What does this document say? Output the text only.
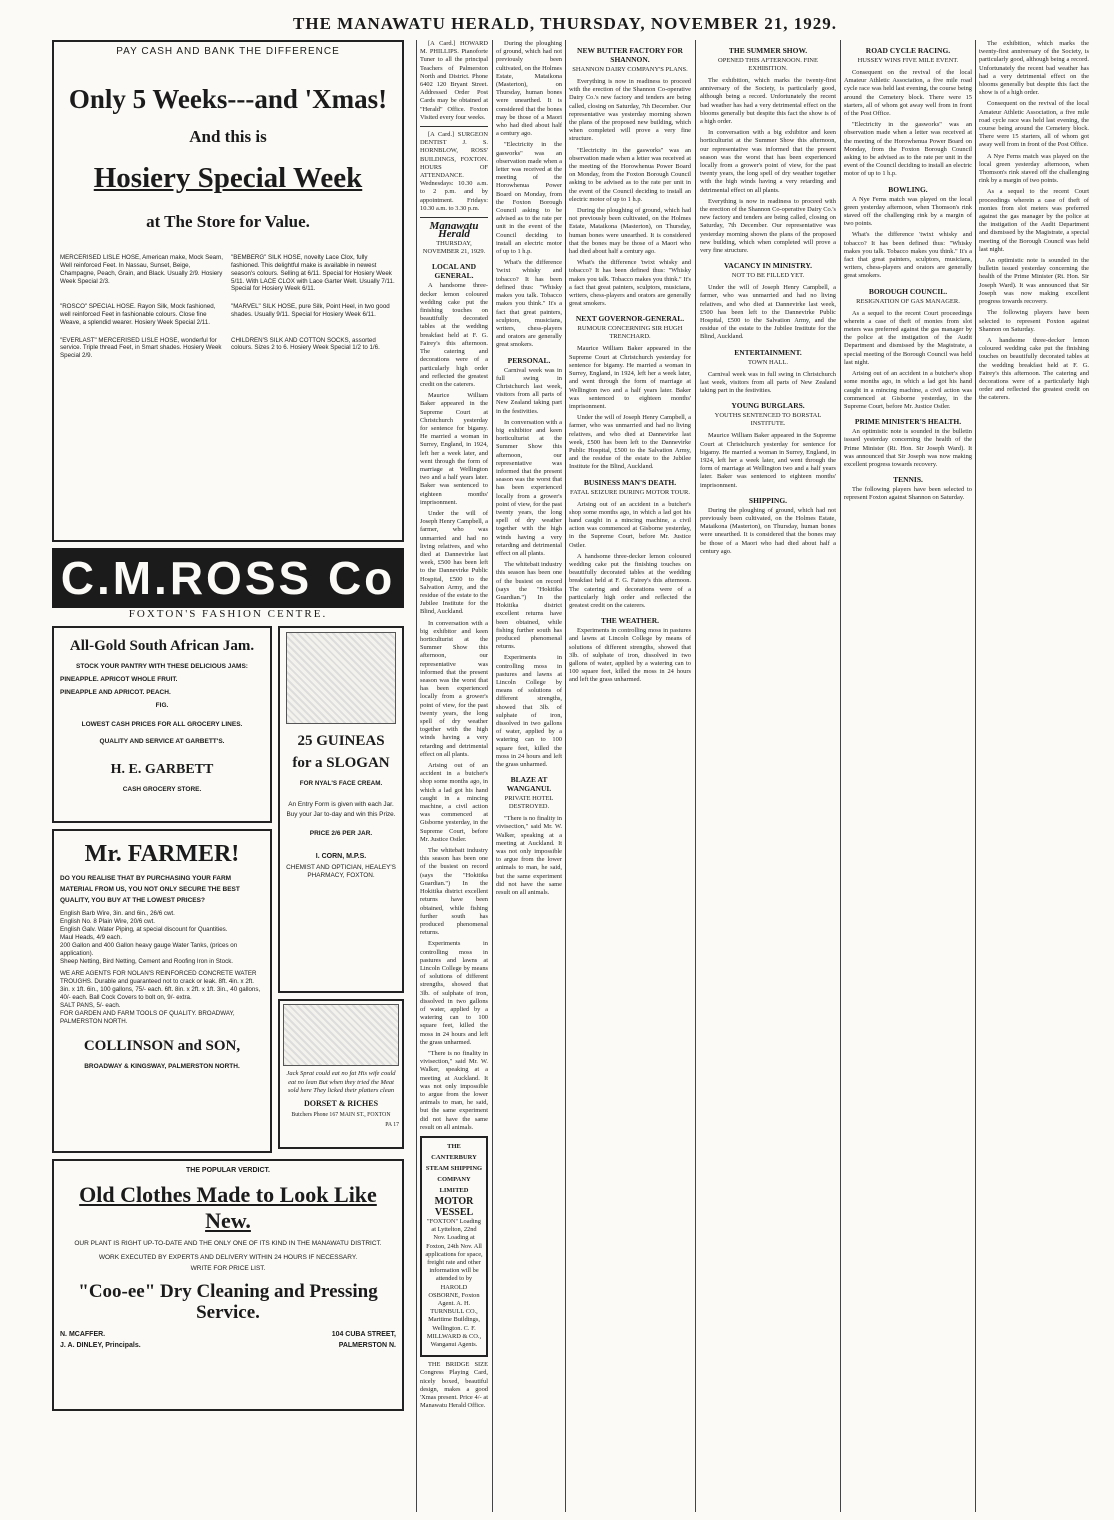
THE MANAWATU HERALD, THURSDAY, NOVEMBER 21, 1929.
PAY CASH AND BANK THE DIFFERENCE
Only 5 Weeks---and 'Xmas!
And this is
Hosiery Special Week
at The Store for Value.
MERCERISED LISLE HOSE, American make, Mock Seam, Well reinforced Feet. In Nassau, Sunset, Beige, Champagne, Peach, Grain, and Black. Usually 2/9. Hosiery Week Special 2/3.
"BEMBERG" SILK HOSE, novelty Lace Clox, fully fashioned. This delightful make is available in newest season's colours. Selling at 6/11. Special for Hosiery Week 5/11. With LACE CLOX with Lace Garter Welt. Usually 7/11. Special for Hosiery Week 6/11.
"ROSCO" SPECIAL HOSE. Rayon Silk, Mock fashioned, well reinforced Feet in fashionable colours. Close fine Weave, a splendid wearer. Hosiery Week Special 2/11.
"MARVEL" SILK HOSE, pure Silk, Point Heel, in two good shades. Usually 9/11. Special for Hosiery Week 6/11.
"EVERLAST" MERCERISED LISLE HOSE, wonderful for service. Triple thread Feet, in Smart shades. Hosiery Week Special 2/9.
CHILDREN'S SILK AND COTTON SOCKS, assorted colours. Sizes 2 to 6. Hosiery Week Special 1/2 to 1/6.
C.M.ROSS Co
FOXTON'S FASHION CENTRE.
All-Gold South African Jam.

STOCK YOUR PANTRY WITH THESE DELICIOUS JAMS:

PINEAPPLE. APRICOT WHOLE FRUIT.

PINEAPPLE AND APRICOT. PEACH.

FIG.

LOWEST CASH PRICES FOR ALL GROCERY LINES.

QUALITY AND SERVICE AT GARBETT'S.

H. E. GARBETT

CASH GROCERY STORE.

Mr. FARMER!
DO YOU REALISE THAT BY PURCHASING YOUR FARM MATERIAL FROM US, YOU NOT ONLY SECURE THE BEST QUALITY, YOU BUY AT THE LOWEST PRICES?
English Barb Wire, 3in. and 6in., 26/6 cwt.
English No. 8 Plain Wire, 20/6 cwt.
English Galv. Water Piping, at special discount for Quantities.
Maul Heads, 4/9 each.
200 Gallon and 400 Gallon heavy gauge Water Tanks, (prices on application).
Sheep Netting, Bird Netting, Cement and Roofing Iron in Stock.
WE ARE AGENTS FOR NOLAN'S REINFORCED CONCRETE WATER TROUGHS. Durable and guaranteed not to crack or leak. 8ft. 4in. x 2ft. 3in. x 1ft. 6in., 100 gallons, 75/- each. 6ft. 8in. x 2ft. x 1ft. 3in., 40 gallons, 40/- each. Ball Cock Covers to bolt on, 9/- extra.
SALT PANS, 5/- each.
FOR GARDEN AND FARM TOOLS OF QUALITY. BROADWAY, PALMERSTON NORTH.
COLLINSON and SON,
BROADWAY & KINGSWAY, PALMERSTON NORTH.
25 GUINEAS for a SLOGAN

FOR NYAL'S FACE CREAM.

An Entry Form is given with each Jar.

Buy your Jar to-day and win this Prize.

PRICE 2/6 PER JAR.

I. CORN, M.P.S.

CHEMIST AND OPTICIAN, HEALEY'S PHARMACY, FOXTON.

Jack Sprat could eat no fat His wife could eat no lean But when they tried the Meat sold here They licked their platters clean

DORSET & RICHES

Butchers Phone 167 MAIN ST., FOXTON

PA 17

THE POPULAR VERDICT.
Old Clothes Made to Look Like New.

OUR PLANT IS RIGHT UP-TO-DATE AND THE ONLY ONE OF ITS KIND IN THE MANAWATU DISTRICT.

WORK EXECUTED BY EXPERTS AND DELIVERY WITHIN 24 HOURS IF NECESSARY.

WRITE FOR PRICE LIST.

"Coo-ee" Dry Cleaning and Pressing Service.
N. MCAFFER.	104 CUBA STREET,
J. A. DINLEY, Principals.	PALMERSTON N.

[A Card.] HOWARD M. PHILLIPS. Pianoforte Tuner to all the principal Teachers of Palmerston North and District. Phone 6402 120 Bryant Street. Addressed Order Post Cards may be obtained at "Herald" Office. Foxton Visited every four weeks.

[A Card.] SURGEON DENTIST J. S. HORNBLOW, ROSS' BUILDINGS, FOXTON. HOURS OF ATTENDANCE. Wednesdays: 10.30 a.m. to 2 p.m. and by appointment. Fridays: 10.30 a.m. to 3.30 p.m.

Manawatu Herald
THURSDAY, NOVEMBER 21, 1929.
LOCAL AND GENERAL.

A handsome three-decker lemon coloured wedding cake put the finishing touches on beautifully decorated tables at the wedding breakfast held at F. G. Fairey's this afternoon. The catering and decorations were of a particularly high order and reflected the greatest credit on the caterers.

Maurice William Baker appeared in the Supreme Court at Christchurch yesterday for sentence for bigamy. He married a woman in Surrey, England, in 1924, left her a week later, and went through the form of marriage at Wellington two and a half years later. Baker was sentenced to eighteen months' imprisonment.

Under the will of Joseph Henry Campbell, a farmer, who was unmarried and had no living relatives, and who died at Dannevirke last week, £500 has been left to the Dannevirke Public Hospital, £500 to the Salvation Army, and the residue of the estate to the Jubilee Institute for the Blind, Auckland.

In conversation with a big exhibitor and keen horticulturist at the Summer Show this afternoon, our representative was informed that the present season was the worst that has been experienced locally from a grower's point of view, for the past twenty years, the long spell of dry weather together with the high winds having a very retarding and detrimental effect on all plants.

Arising out of an accident in a butcher's shop some months ago, in which a lad got his hand caught in a mincing machine, a civil action was commenced at Gisborne yesterday, in the Supreme Court, before Mr. Justice Ostler.

The whitebait industry this season has been one of the busiest on record (says the "Hokitika Guardian.") In the Hokitika district excellent returns have been obtained, while fishing further south has produced phenomenal returns.

Experiments in controlling moss in pastures and lawns at Lincoln College by means of solutions of different strengths, showed that 3lb. of sulphate of iron, dissolved in two gallons of water, applied by a watering can to 100 square feet, killed the moss in 24 hours and left the grass unharmed.

"There is no finality in vivisection," said Mr. W. Walker, speaking at a meeting at Auckland. It was not only impossible to argue from the lower animals to man, he said, but the same experiment did not have the same result on all animals.

THE CANTERBURY STEAM SHIPPING COMPANY LIMITED
MOTOR VESSEL

"FOXTON" Loading at Lyttelton, 22nd Nov. Loading at Foxton, 24th Nov. All applications for space, freight rate and other information will be attended to by HAROLD OSBORNE, Foxton Agent. A. H. TURNBULL CO., Maritime Buildings, Wellington. C. F. MILLWARD & CO., Wanganui Agents.

THE BRIDGE SIZE Congress Playing Card, nicely boxed, beautiful design, makes a good 'Xmas present. Price 4/- at Manawatu Herald Office.

During the ploughing of ground, which had not previously been cultivated, on the Holmes Estate, Mataikona (Masterton), on Thursday, human bones were unearthed. It is considered that the bones may be those of a Maori who had died about half a century ago.

"Electricity in the gasworks" was an observation made when a letter was received at the meeting of the Horowhenua Power Board on Monday, from the Foxton Borough Council asking to be advised as to the rate per unit in the event of the Council deciding to install an electric motor of up to 1 h.p.

What's the difference 'twixt whisky and tobacco? It has been defined thus: "Whisky makes you talk. Tobacco makes you think." It's a fact that great painters, sculptors, musicians, writers, chess-players and orators are generally great smokers.

PERSONAL.

Carnival week was in full swing in Christchurch last week, visitors from all parts of New Zealand taking part in the festivities.

In conversation with a big exhibitor and keen horticulturist at the Summer Show this afternoon, our representative was informed that the present season was the worst that has been experienced locally from a grower's point of view, for the past twenty years, the long spell of dry weather together with the high winds having a very retarding and detrimental effect on all plants.

The whitebait industry this season has been one of the busiest on record (says the "Hokitika Guardian.") In the Hokitika district excellent returns have been obtained, while fishing further south has produced phenomenal returns.

Experiments in controlling moss in pastures and lawns at Lincoln College by means of solutions of different strengths, showed that 3lb. of sulphate of iron, dissolved in two gallons of water, applied by a watering can to 100 square feet, killed the moss in 24 hours and left the grass unharmed.

BLAZE AT WANGANUI.
PRIVATE HOTEL DESTROYED.

"There is no finality in vivisection," said Mr. W. Walker, speaking at a meeting at Auckland. It was not only impossible to argue from the lower animals to man, he said, but the same experiment did not have the same result on all animals.

NEW BUTTER FACTORY FOR SHANNON.
SHANNON DAIRY COMPANY'S PLANS.

Everything is now in readiness to proceed with the erection of the Shannon Co-operative Dairy Co.'s new factory and tenders are being called, closing on Saturday, 7th December. Our representative was yesterday morning shown the plans of the proposed new building, which when completed will prove a very fine structure.

"Electricity in the gasworks" was an observation made when a letter was received at the meeting of the Horowhenua Power Board on Monday, from the Foxton Borough Council asking to be advised as to the rate per unit in the event of the Council deciding to install an electric motor of up to 1 h.p.

During the ploughing of ground, which had not previously been cultivated, on the Holmes Estate, Mataikona (Masterton), on Thursday, human bones were unearthed. It is considered that the bones may be those of a Maori who had died about half a century ago.

What's the difference 'twixt whisky and tobacco? It has been defined thus: "Whisky makes you talk. Tobacco makes you think." It's a fact that great painters, sculptors, musicians, writers, chess-players and orators are generally great smokers.

NEXT GOVERNOR-GENERAL.
RUMOUR CONCERNING SIR HUGH TRENCHARD.

Maurice William Baker appeared in the Supreme Court at Christchurch yesterday for sentence for bigamy. He married a woman in Surrey, England, in 1924, left her a week later, and went through the form of marriage at Wellington two and a half years later. Baker was sentenced to eighteen months' imprisonment.

Under the will of Joseph Henry Campbell, a farmer, who was unmarried and had no living relatives, and who died at Dannevirke last week, £500 has been left to the Dannevirke Public Hospital, £500 to the Salvation Army, and the residue of the estate to the Jubilee Institute for the Blind, Auckland.

BUSINESS MAN'S DEATH.
FATAL SEIZURE DURING MOTOR TOUR.

Arising out of an accident in a butcher's shop some months ago, in which a lad got his hand caught in a mincing machine, a civil action was commenced at Gisborne yesterday, in the Supreme Court, before Mr. Justice Ostler.

A handsome three-decker lemon coloured wedding cake put the finishing touches on beautifully decorated tables at the wedding breakfast held at F. G. Fairey's this afternoon. The catering and decorations were of a particularly high order and reflected the greatest credit on the caterers.

THE WEATHER.

Experiments in controlling moss in pastures and lawns at Lincoln College by means of solutions of different strengths, showed that 3lb. of sulphate of iron, dissolved in two gallons of water, applied by a watering can to 100 square feet, killed the moss in 24 hours and left the grass unharmed.

THE SUMMER SHOW.
OPENED THIS AFTERNOON. FINE EXHIBITION.

The exhibition, which marks the twenty-first anniversary of the Society, is particularly good, although being a record. Unfortunately the recent bad weather has had a very detrimental effect on the blooms generally but despite this fact the show is of a high order.

In conversation with a big exhibitor and keen horticulturist at the Summer Show this afternoon, our representative was informed that the present season was the worst that has been experienced locally from a grower's point of view, for the past twenty years, the long spell of dry weather together with the high winds having a very retarding and detrimental effect on all plants.

Everything is now in readiness to proceed with the erection of the Shannon Co-operative Dairy Co.'s new factory and tenders are being called, closing on Saturday, 7th December. Our representative was yesterday morning shown the plans of the proposed new building, which when completed will prove a very fine structure.

VACANCY IN MINISTRY.
NOT TO BE FILLED YET.

Under the will of Joseph Henry Campbell, a farmer, who was unmarried and had no living relatives, and who died at Dannevirke last week, £500 has been left to the Dannevirke Public Hospital, £500 to the Salvation Army, and the residue of the estate to the Jubilee Institute for the Blind, Auckland.

ENTERTAINMENT.
TOWN HALL.

Carnival week was in full swing in Christchurch last week, visitors from all parts of New Zealand taking part in the festivities.

YOUNG BURGLARS.
YOUTHS SENTENCED TO BORSTAL INSTITUTE.

Maurice William Baker appeared in the Supreme Court at Christchurch yesterday for sentence for bigamy. He married a woman in Surrey, England, in 1924, left her a week later, and went through the form of marriage at Wellington two and a half years later. Baker was sentenced to eighteen months' imprisonment.

SHIPPING.

During the ploughing of ground, which had not previously been cultivated, on the Holmes Estate, Mataikona (Masterton), on Thursday, human bones were unearthed. It is considered that the bones may be those of a Maori who had died about half a century ago.

ROAD CYCLE RACING.
HUSSEY WINS FIVE MILE EVENT.

Consequent on the revival of the local Amateur Athletic Association, a five mile road cycle race was held last evening, the course being around the Cemetery block. There were 15 starters, all of whom got away well from in front of the Post Office.

"Electricity in the gasworks" was an observation made when a letter was received at the meeting of the Horowhenua Power Board on Monday, from the Foxton Borough Council asking to be advised as to the rate per unit in the event of the Council deciding to install an electric motor of up to 1 h.p.

BOWLING.

A Nye Ferns match was played on the local green yesterday afternoon, when Thomson's rink staved off the challenging rink by a margin of two points.

What's the difference 'twixt whisky and tobacco? It has been defined thus: "Whisky makes you talk. Tobacco makes you think." It's a fact that great painters, sculptors, musicians, writers, chess-players and orators are generally great smokers.

BOROUGH COUNCIL.
RESIGNATION OF GAS MANAGER.

As a sequel to the recent Court proceedings wherein a case of theft of monies from slot meters was preferred against the gas manager by the police at the instigation of the Audit Department and dismissed by the Magistrate, a special meeting of the Borough Council was held last night.

Arising out of an accident in a butcher's shop some months ago, in which a lad got his hand caught in a mincing machine, a civil action was commenced at Gisborne yesterday, in the Supreme Court, before Mr. Justice Ostler.

PRIME MINISTER'S HEALTH.

An optimistic note is sounded in the bulletin issued yesterday concerning the health of the Prime Minister (Rt. Hon. Sir Joseph Ward). It was announced that Sir Joseph was now making excellent progress towards recovery.

TENNIS.

The following players have been selected to represent Foxton against Shannon on Saturday.

The exhibition, which marks the twenty-first anniversary of the Society, is particularly good, although being a record. Unfortunately the recent bad weather has had a very detrimental effect on the blooms generally but despite this fact the show is of a high order.

Consequent on the revival of the local Amateur Athletic Association, a five mile road cycle race was held last evening, the course being around the Cemetery block. There were 15 starters, all of whom got away well from in front of the Post Office.

A Nye Ferns match was played on the local green yesterday afternoon, when Thomson's rink staved off the challenging rink by a margin of two points.

As a sequel to the recent Court proceedings wherein a case of theft of monies from slot meters was preferred against the gas manager by the police at the instigation of the Audit Department and dismissed by the Magistrate, a special meeting of the Borough Council was held last night.

An optimistic note is sounded in the bulletin issued yesterday concerning the health of the Prime Minister (Rt. Hon. Sir Joseph Ward). It was announced that Sir Joseph was now making excellent progress towards recovery.

The following players have been selected to represent Foxton against Shannon on Saturday.

A handsome three-decker lemon coloured wedding cake put the finishing touches on beautifully decorated tables at the wedding breakfast held at F. G. Fairey's this afternoon. The catering and decorations were of a particularly high order and reflected the greatest credit on the caterers.
